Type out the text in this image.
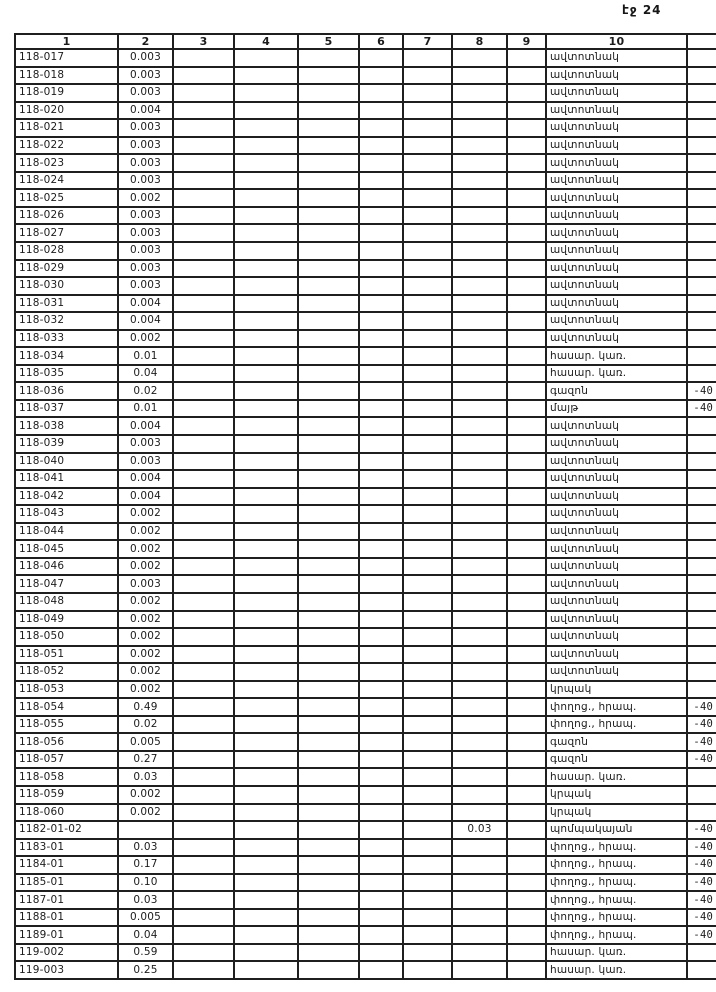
էջ 24
1	2	3	4	5	6	7	8	9	10	
118-017	0.003								ավտոտնակ	
118-018	0.003								ավտոտնակ	
118-019	0.003								ավտոտնակ	
118-020	0.004								ավտոտնակ	
118-021	0.003								ավտոտնակ	
118-022	0.003								ավտոտնակ	
118-023	0.003								ավտոտնակ	
118-024	0.003								ավտոտնակ	
118-025	0.002								ավտոտնակ	
118-026	0.003								ավտոտնակ	
118-027	0.003								ավտոտնակ	
118-028	0.003								ավտոտնակ	
118-029	0.003								ավտոտնակ	
118-030	0.003								ավտոտնակ	
118-031	0.004								ավտոտնակ	
118-032	0.004								ավտոտնակ	
118-033	0.002								ավտոտնակ	
118-034	0.01								հասար. կառ.	
118-035	0.04								հասար. կառ.	
118-036	0.02								գազոն	-40
118-037	0.01								մայթ	-40
118-038	0.004								ավտոտնակ	
118-039	0.003								ավտոտնակ	
118-040	0.003								ավտոտնակ	
118-041	0.004								ավտոտնակ	
118-042	0.004								ավտոտնակ	
118-043	0.002								ավտոտնակ	
118-044	0.002								ավտոտնակ	
118-045	0.002								ավտոտնակ	
118-046	0.002								ավտոտնակ	
118-047	0.003								ավտոտնակ	
118-048	0.002								ավտոտնակ	
118-049	0.002								ավտոտնակ	
118-050	0.002								ավտոտնակ	
118-051	0.002								ավտոտնակ	
118-052	0.002								ավտոտնակ	
118-053	0.002								կրպակ	
118-054	0.49								փողոց., հրապ.	-40
118-055	0.02								փողոց., հրապ.	-40
118-056	0.005								գազոն	-40
118-057	0.27								գազոն	-40
118-058	0.03								հասար. կառ.	
118-059	0.002								կրպակ	
118-060	0.002								կրպակ	
1182-01-02							0.03		պոմպակայան	-40
1183-01	0.03								փողոց., հրապ.	-40
1184-01	0.17								փողոց., հրապ.	-40
1185-01	0.10								փողոց., հրապ.	-40
1187-01	0.03								փողոց., հրապ.	-40
1188-01	0.005								փողոց., հրապ.	-40
1189-01	0.04								փողոց., հրապ.	-40
119-002	0.59								հասար. կառ.	
119-003	0.25								հասար. կառ.	
